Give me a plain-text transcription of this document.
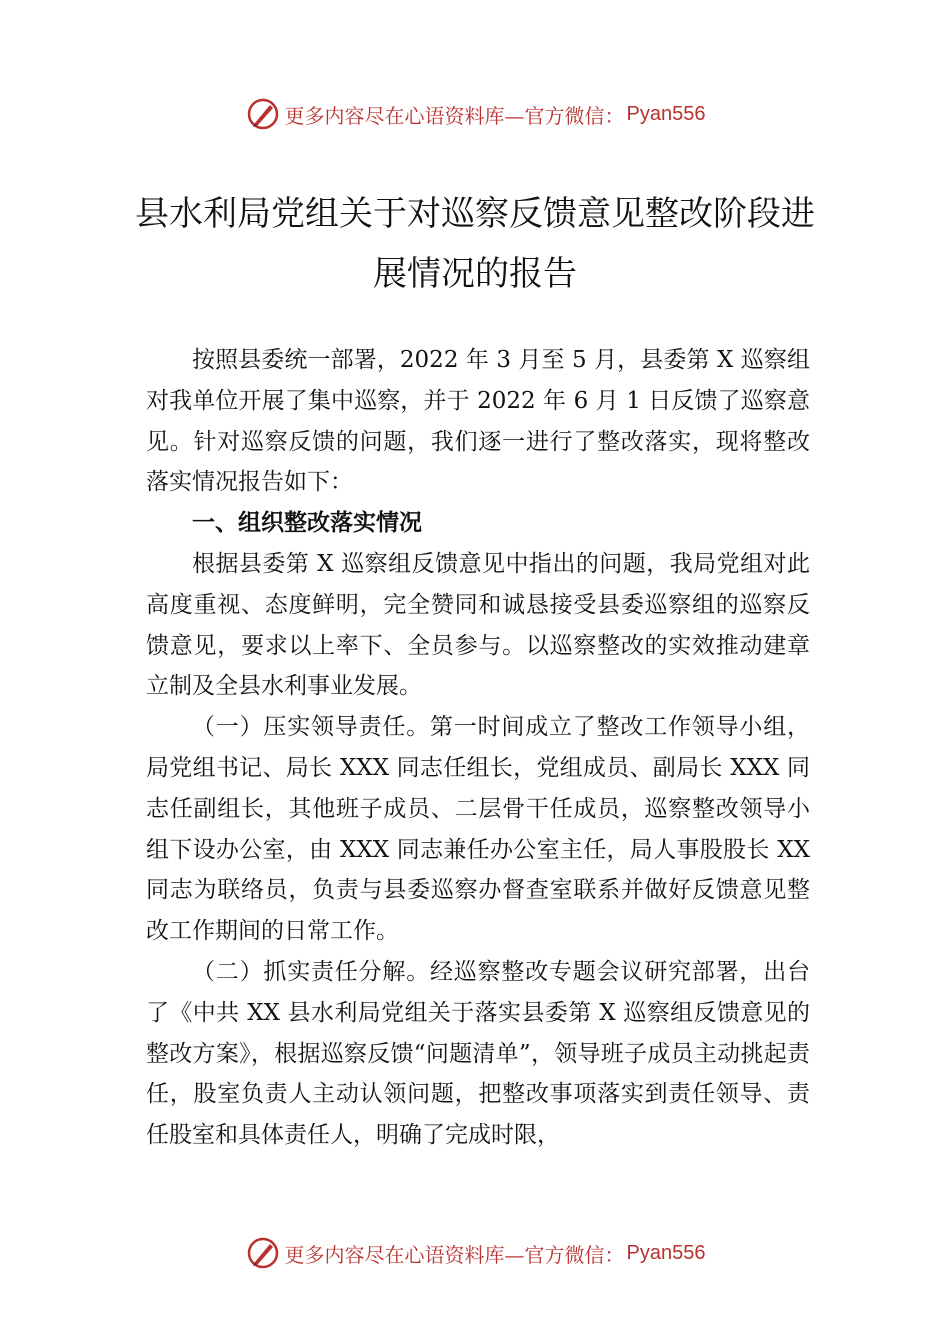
更多内容尽在心语资料库—官方微信： Pyan556
县水利局党组关于对巡察反馈意见整改阶段进展情况的报告

按照县委统一部署，2022 年 3 月至 5 月，县委第 X 巡察组对我单位开展了集中巡察，并于 2022 年 6 月 1 日反馈了巡察意见。针对巡察反馈的问题，我们逐一进行了整改落实，现将整改落实情况报告如下：

一、组织整改落实情况

根据县委第 X 巡察组反馈意见中指出的问题，我局党组对此高度重视、态度鲜明，完全赞同和诚恳接受县委巡察组的巡察反馈意见，要求以上率下、全员参与。以巡察整改的实效推动建章立制及全县水利事业发展。

（一）压实领导责任。第一时间成立了整改工作领导小组，局党组书记、局长 XXX 同志任组长，党组成员、副局长 XXX 同志任副组长，其他班子成员、二层骨干任成员，巡察整改领导小组下设办公室，由 XXX 同志兼任办公室主任，局人事股股长 XX 同志为联络员，负责与县委巡察办督查室联系并做好反馈意见整改工作期间的日常工作。

（二）抓实责任分解。经巡察整改专题会议研究部署，出台了《中共 XX 县水利局党组关于落实县委第 X 巡察组反馈意见的整改方案》，根据巡察反馈“问题清单”，领导班子成员主动挑起责任，股室负责人主动认领问题，把整改事项落实到责任领导、责任股室和具体责任人，明确了完成时限，

更多内容尽在心语资料库—官方微信： Pyan556
